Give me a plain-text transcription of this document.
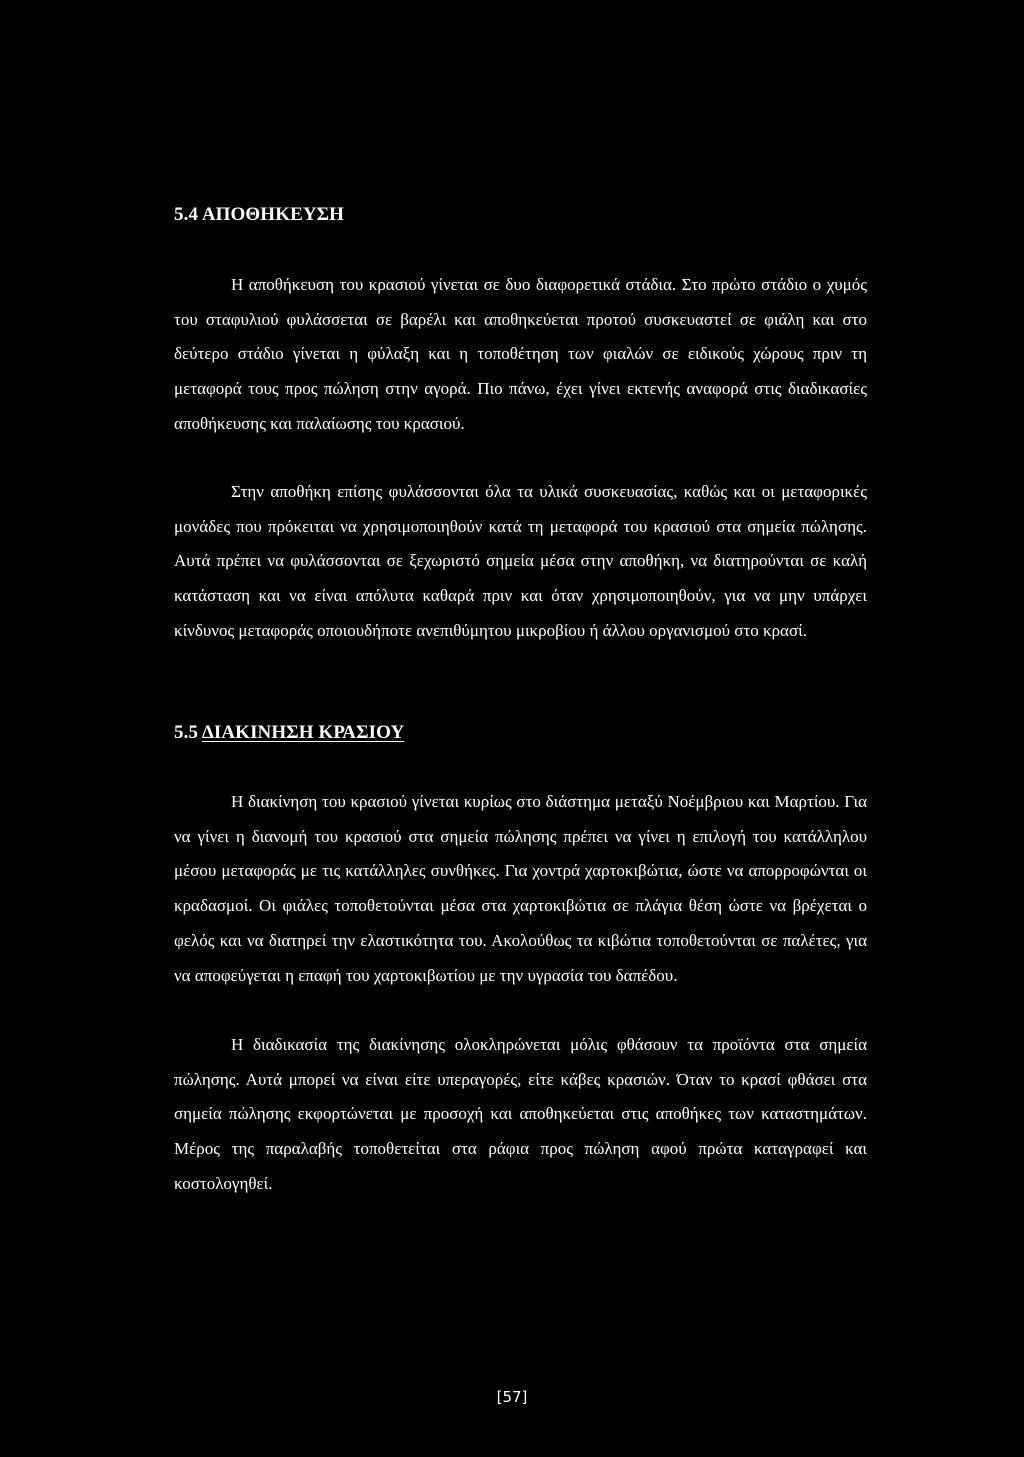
5.4 ΑΠΟΘΗΚΕΥΣΗ

Η αποθήκευση του κρασιού γίνεται σε δυο διαφορετικά στάδια. Στο πρώτο στάδιο ο χυμός του σταφυλιού φυλάσσεται σε βαρέλι και αποθηκεύεται προτού συσκευαστεί σε φιάλη και στο δεύτερο στάδιο γίνεται η φύλαξη και η τοποθέτηση των φιαλών σε ειδικούς χώρους πριν τη μεταφορά τους προς πώληση στην αγορά. Πιο πάνω, έχει γίνει εκτενής αναφορά στις διαδικασίες αποθήκευσης και παλαίωσης του κρασιού.

Στην αποθήκη επίσης φυλάσσονται όλα τα υλικά συσκευασίας, καθώς και οι μεταφορικές μονάδες που πρόκειται να χρησιμοποιηθούν κατά τη μεταφορά του κρασιού στα σημεία πώλησης. Αυτά πρέπει να φυλάσσονται σε ξεχωριστό σημεία μέσα στην αποθήκη, να διατηρούνται σε καλή κατάσταση και να είναι απόλυτα καθαρά πριν και όταν χρησιμοποιηθούν, για να μην υπάρχει κίνδυνος μεταφοράς οποιουδήποτε ανεπιθύμητου μικροβίου ή άλλου οργανισμού στο κρασί.

5.5 ΔΙΑΚΙΝΗΣΗ ΚΡΑΣΙΟΥ

Η διακίνηση του κρασιού γίνεται κυρίως στο διάστημα μεταξύ Νοέμβριου και Μαρτίου. Για να γίνει η διανομή του κρασιού στα σημεία πώλησης πρέπει να γίνει η επιλογή του κατάλληλου μέσου μεταφοράς με τις κατάλληλες συνθήκες. Για χοντρά χαρτοκιβώτια, ώστε να απορροφώνται οι κραδασμοί. Οι φιάλες τοποθετούνται μέσα στα χαρτοκιβώτια σε πλάγια θέση ώστε να βρέχεται ο φελός και να διατηρεί την ελαστικότητα του. Ακολούθως τα κιβώτια τοποθετούνται σε παλέτες, για να αποφεύγεται η επαφή του χαρτοκιβωτίου με την υγρασία του δαπέδου.

Η διαδικασία της διακίνησης ολοκληρώνεται μόλις φθάσουν τα προϊόντα στα σημεία πώλησης. Αυτά μπορεί να είναι είτε υπεραγορές, είτε κάβες κρασιών. Όταν το κρασί φθάσει στα σημεία πώλησης εκφορτώνεται με προσοχή και αποθηκεύεται στις αποθήκες των καταστημάτων. Μέρος της παραλαβής τοποθετείται στα ράφια προς πώληση αφού πρώτα καταγραφεί και κοστολογηθεί.

[57]
